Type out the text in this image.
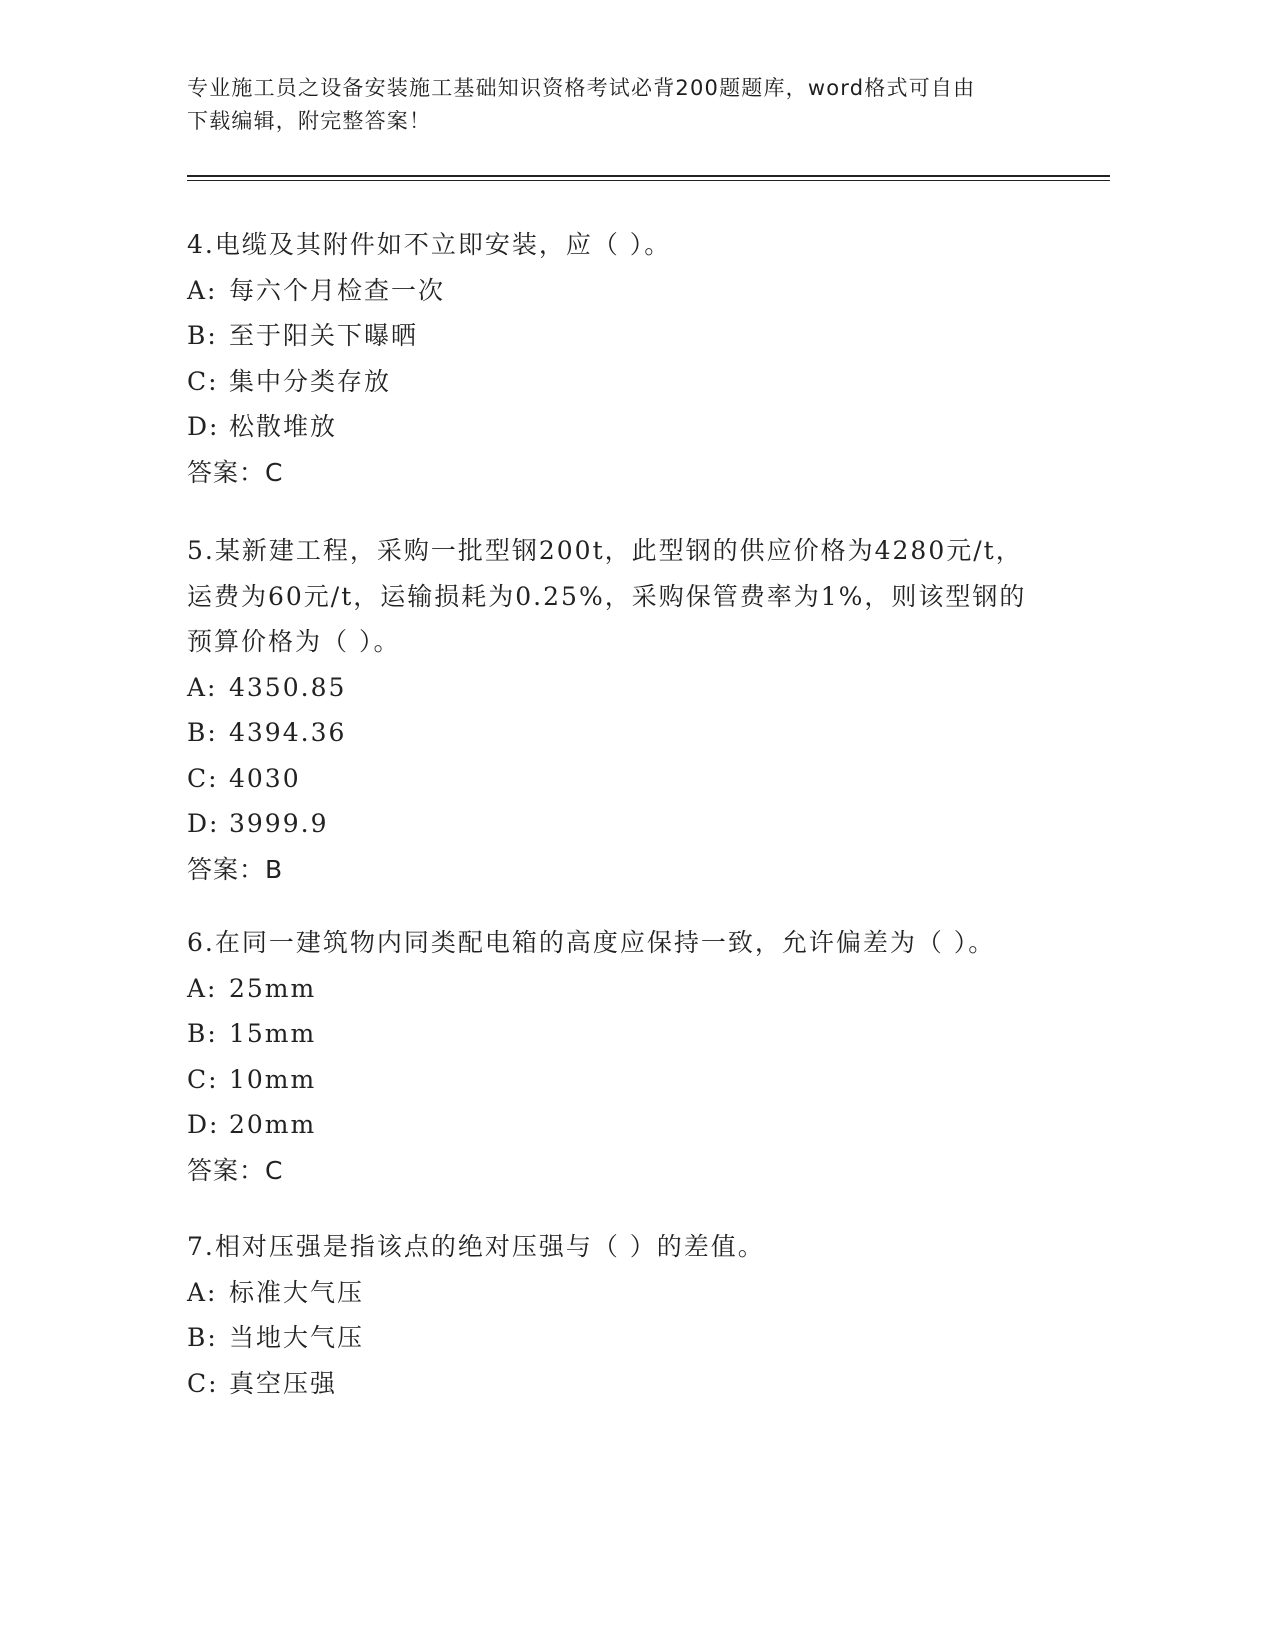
专业施工员之设备安装施工基础知识资格考试必背200题题库，word格式可自由
下载编辑，附完整答案！

4.电缆及其附件如不立即安装，应（ ）。

A: 每六个月检查一次

B: 至于阳关下曝晒

C: 集中分类存放

D: 松散堆放

答案：C

5.某新建工程，采购一批型钢200t，此型钢的供应价格为4280元/t，运费为60元/t，运输损耗为0.25%，采购保管费率为1%，则该型钢的预算价格为（ ）。

A: 4350.85

B: 4394.36

C: 4030

D: 3999.9

答案：B

6.在同一建筑物内同类配电箱的高度应保持一致，允许偏差为（ ）。

A: 25mm

B: 15mm

C: 10mm

D: 20mm

答案：C

7.相对压强是指该点的绝对压强与（ ）的差值。

A: 标准大气压

B: 当地大气压

C: 真空压强
